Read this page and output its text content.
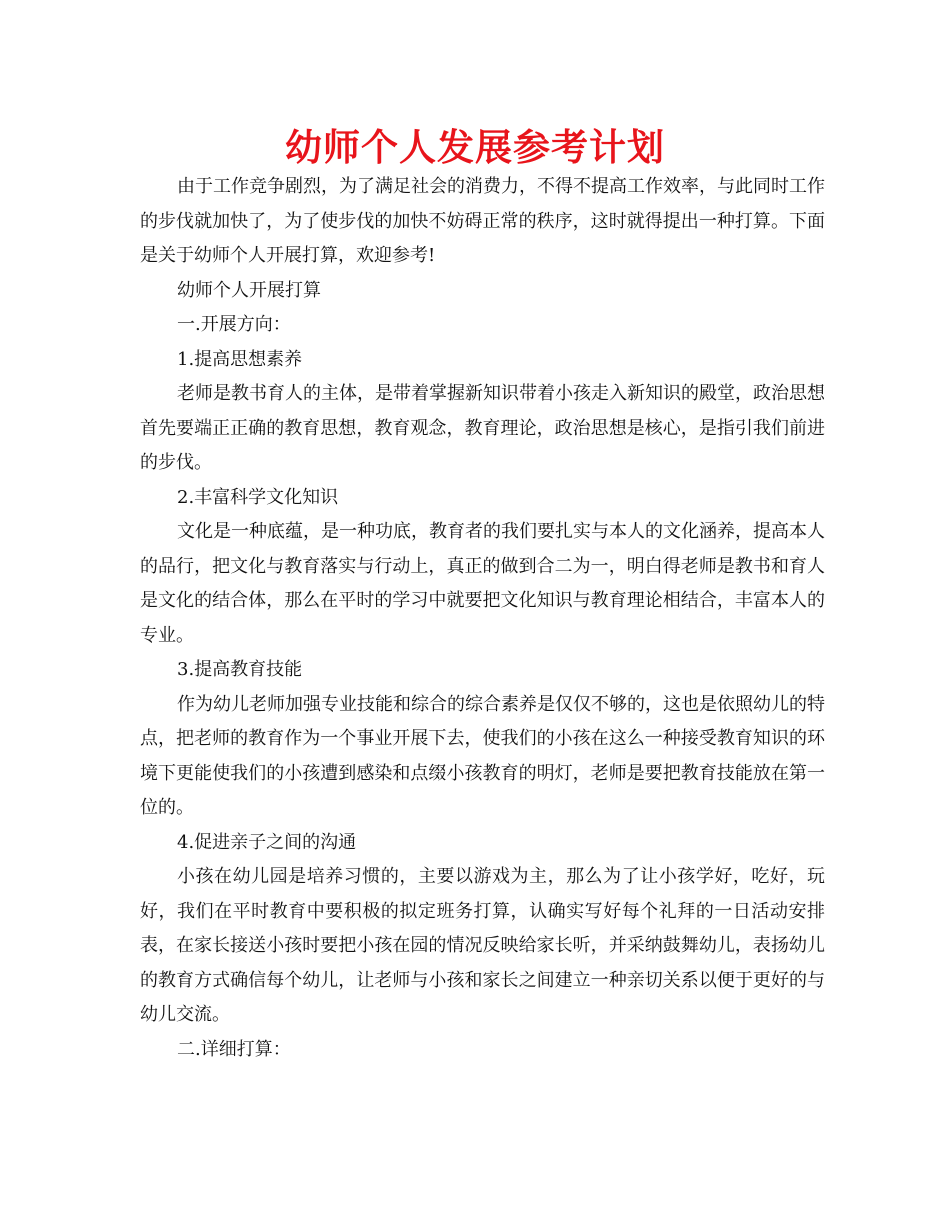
幼师个人发展参考计划

由于工作竞争剧烈，为了满足社会的消费力，不得不提高工作效率，与此同时工作的步伐就加快了，为了使步伐的加快不妨碍正常的秩序，这时就得提出一种打算。下面是关于幼师个人开展打算，欢迎参考!

幼师个人开展打算

一.开展方向：

1.提高思想素养

老师是教书育人的主体，是带着掌握新知识带着小孩走入新知识的殿堂，政治思想首先要端正正确的教育思想，教育观念，教育理论，政治思想是核心，是指引我们前进的步伐。

2.丰富科学文化知识

文化是一种底蕴，是一种功底，教育者的我们要扎实与本人的文化涵养，提高本人的品行，把文化与教育落实与行动上，真正的做到合二为一，明白得老师是教书和育人是文化的结合体，那么在平时的学习中就要把文化知识与教育理论相结合，丰富本人的专业。

3.提高教育技能

作为幼儿老师加强专业技能和综合的综合素养是仅仅不够的，这也是依照幼儿的特点，把老师的教育作为一个事业开展下去，使我们的小孩在这么一种接受教育知识的环境下更能使我们的小孩遭到感染和点缀小孩教育的明灯，老师是要把教育技能放在第一位的。

4.促进亲子之间的沟通

小孩在幼儿园是培养习惯的，主要以游戏为主，那么为了让小孩学好，吃好，玩好，我们在平时教育中要积极的拟定班务打算，认确实写好每个礼拜的一日活动安排表，在家长接送小孩时要把小孩在园的情况反映给家长听，并采纳鼓舞幼儿，表扬幼儿的教育方式确信每个幼儿，让老师与小孩和家长之间建立一种亲切关系以便于更好的与幼儿交流。

二.详细打算：
